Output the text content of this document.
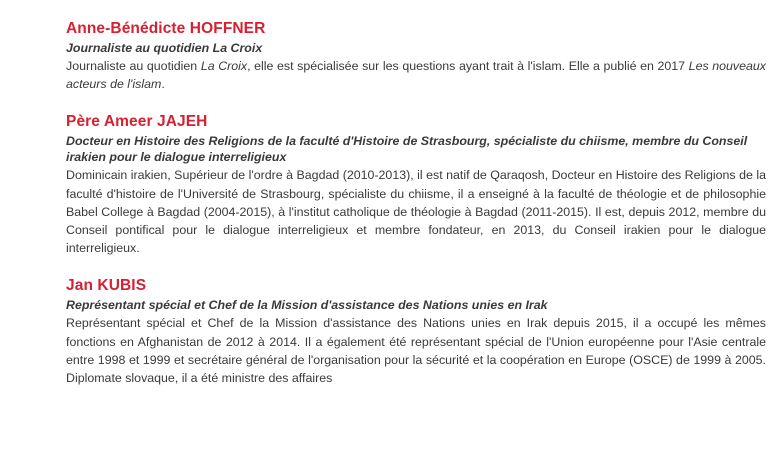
Anne-Bénédicte HOFFNER
Journaliste au quotidien La Croix
Journaliste au quotidien La Croix, elle est spécialisée sur les questions ayant trait à l'islam. Elle a publié en 2017 Les nouveaux acteurs de l'islam.
Père Ameer JAJEH
Docteur en Histoire des Religions de la faculté d'Histoire de Strasbourg, spécialiste du chiisme, membre du Conseil irakien pour le dialogue interreligieux
Dominicain irakien, Supérieur de l'ordre à Bagdad (2010-2013), il est natif de Qaraqosh, Docteur en Histoire des Religions de la faculté d'histoire de l'Université de Strasbourg, spécialiste du chiisme, il a enseigné à la faculté de théologie et de philosophie Babel College à Bagdad (2004-2015), à l'institut catholique de théologie à Bagdad (2011-2015). Il est, depuis 2012, membre du Conseil pontifical pour le dialogue interreligieux et membre fondateur, en 2013, du Conseil irakien pour le dialogue interreligieux.
Jan KUBIS
Représentant spécial et Chef de la Mission d'assistance des Nations unies en Irak
Représentant spécial et Chef de la Mission d'assistance des Nations unies en Irak depuis 2015, il a occupé les mêmes fonctions en Afghanistan de 2012 à 2014. Il a également été représentant spécial de l'Union européenne pour l'Asie centrale entre 1998 et 1999 et secrétaire général de l'organisation pour la sécurité et la coopération en Europe (OSCE) de 1999 à 2005. Diplomate slovaque, il a été ministre des affaires
